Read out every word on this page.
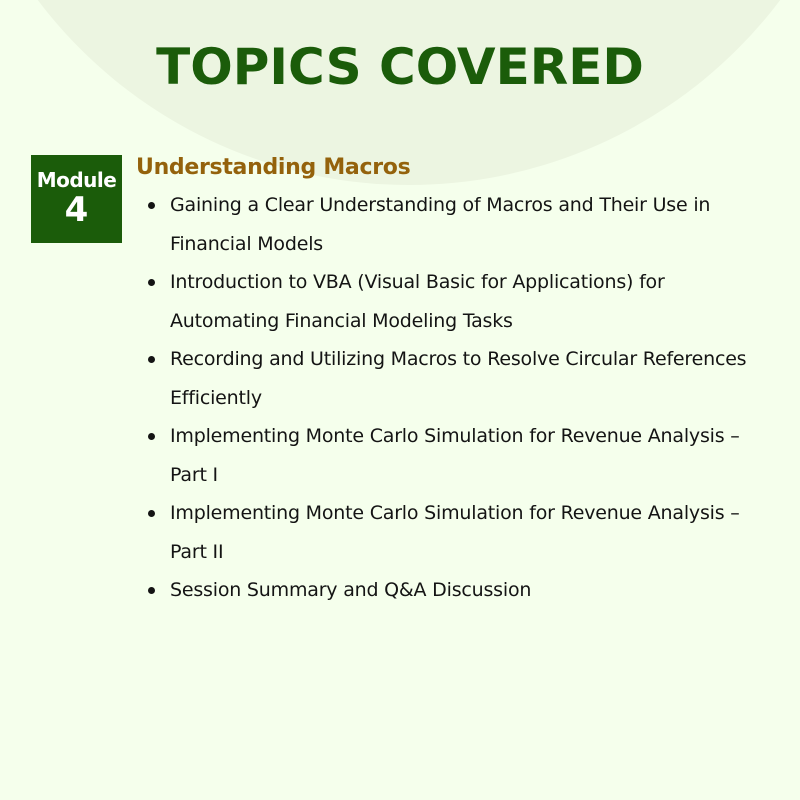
TOPICS COVERED
Module
4
Understanding Macros
Gaining a Clear Understanding of Macros and Their Use in Financial Models
Introduction to VBA (Visual Basic for Applications) for Automating Financial Modeling Tasks
Recording and Utilizing Macros to Resolve Circular References Efficiently
Implementing Monte Carlo Simulation for Revenue Analysis – Part I
Implementing Monte Carlo Simulation for Revenue Analysis – Part II
Session Summary and Q&A Discussion
